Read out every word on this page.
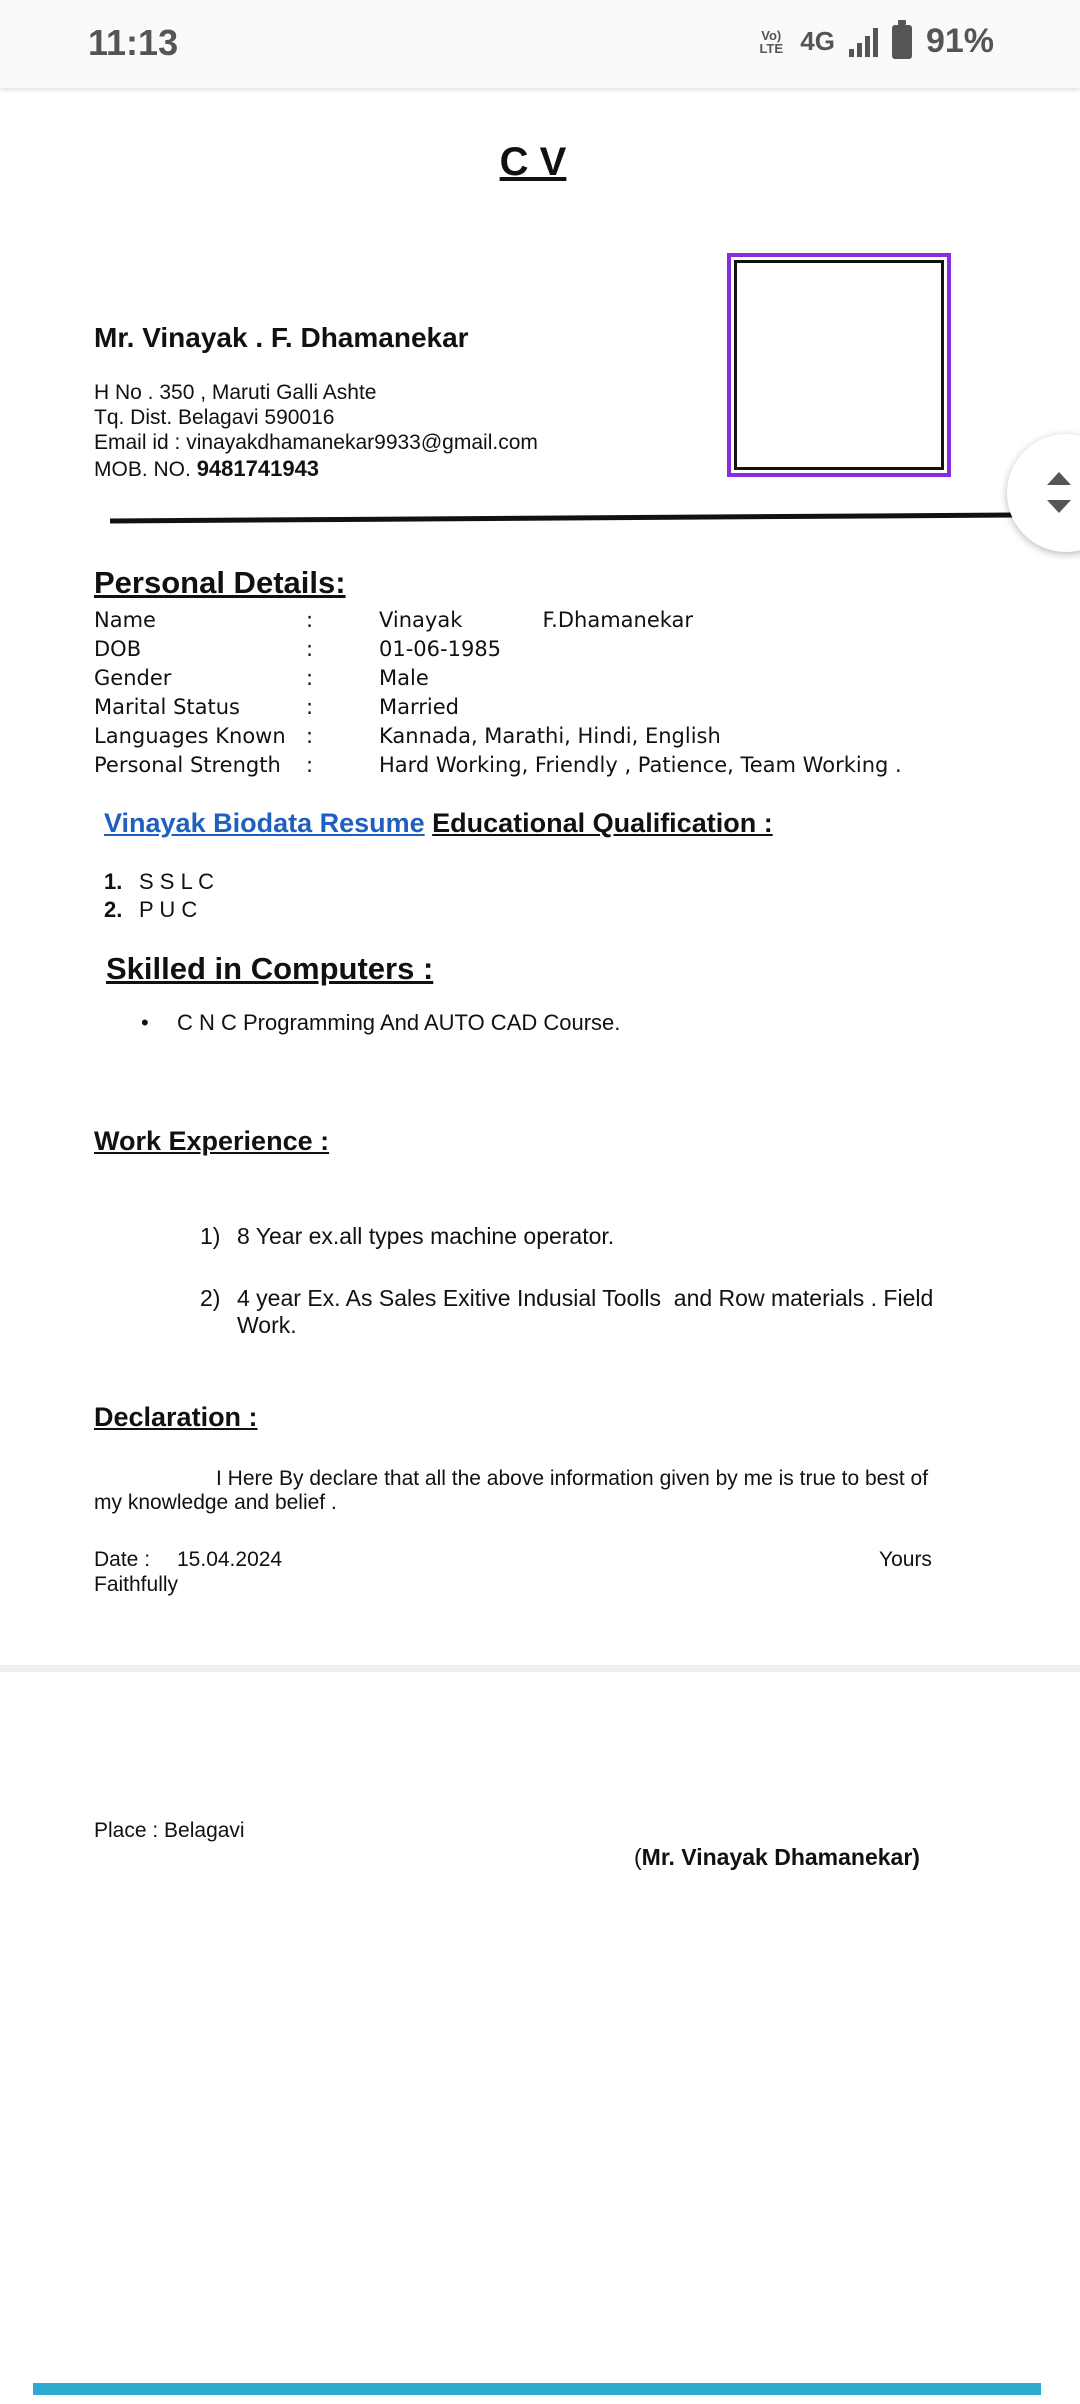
11:13	Vo)
LTE 4G	91%
C V
Mr. Vinayak . F. Dhamanekar
H No . 350 , Maruti Galli Ashte
Tq. Dist. Belagavi 590016
Email id : vinayakdhamanekar9933@gmail.com
MOB. NO. 9481741943
Personal Details:
Name	:	Vinayak            F.Dhamanekar
DOB	:	01-06-1985
Gender	:	Male
Marital Status	:	Married
Languages Known :	Kannada, Marathi, Hindi, English
Personal Strength :	Hard Working, Friendly , Patience, Team Working .
Vinayak Biodata Resume Educational Qualification :
1. S S L C
2. P U C
Skilled in Computers :
• C N C Programming And AUTO CAD Course.
Work Experience :
1) 8 Year ex.all types machine operator.
2) 4 year Ex. As Sales Exitive Indusial Toolls  and Row materials . Field
Work.
Declaration :
I Here By declare that all the above information given by me is true to best of
my knowledge and belief .
Date : 15.04.2024	Yours
Faithfully
Place : Belagavi
(Mr. Vinayak Dhamanekar)
